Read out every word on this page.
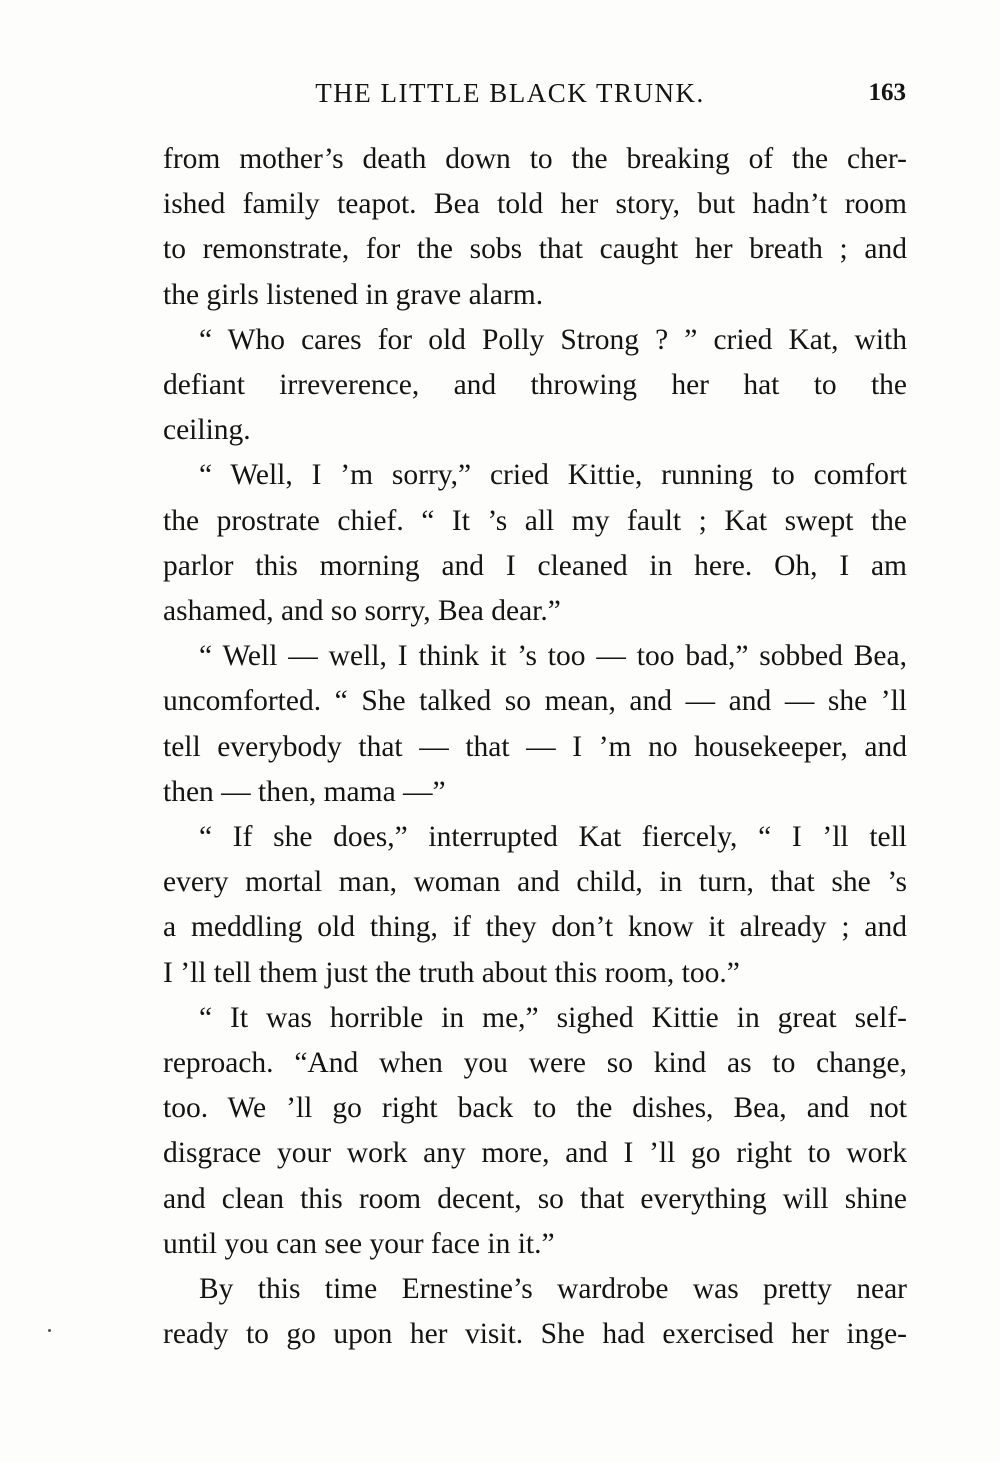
THE LITTLE BLACK TRUNK.	163
from mother’s death down to the breaking of the cher-
ished family teapot. Bea told her story, but hadn’t room
to remonstrate, for the sobs that caught her breath ; and
the girls listened in grave alarm.
“ Who cares for old Polly Strong ? ” cried Kat, with
defiant irreverence, and throwing her hat to the
ceiling.
“ Well, I ’m sorry,” cried Kittie, running to comfort
the prostrate chief. “ It ’s all my fault ; Kat swept the
parlor this morning and I cleaned in here. Oh, I am
ashamed, and so sorry, Bea dear.”
“ Well — well, I think it ’s too — too bad,” sobbed Bea,
uncomforted. “ She talked so mean, and — and — she ’ll
tell everybody that — that — I ’m no housekeeper, and
then — then, mama —”
“ If she does,” interrupted Kat fiercely, “ I ’ll tell
every mortal man, woman and child, in turn, that she ’s
a meddling old thing, if they don’t know it already ; and
I ’ll tell them just the truth about this room, too.”
“ It was horrible in me,” sighed Kittie in great self-
reproach. “And when you were so kind as to change,
too. We ’ll go right back to the dishes, Bea, and not
disgrace your work any more, and I ’ll go right to work
and clean this room decent, so that everything will shine
until you can see your face in it.”
By this time Ernestine’s wardrobe was pretty near
ready to go upon her visit. She had exercised her inge-
